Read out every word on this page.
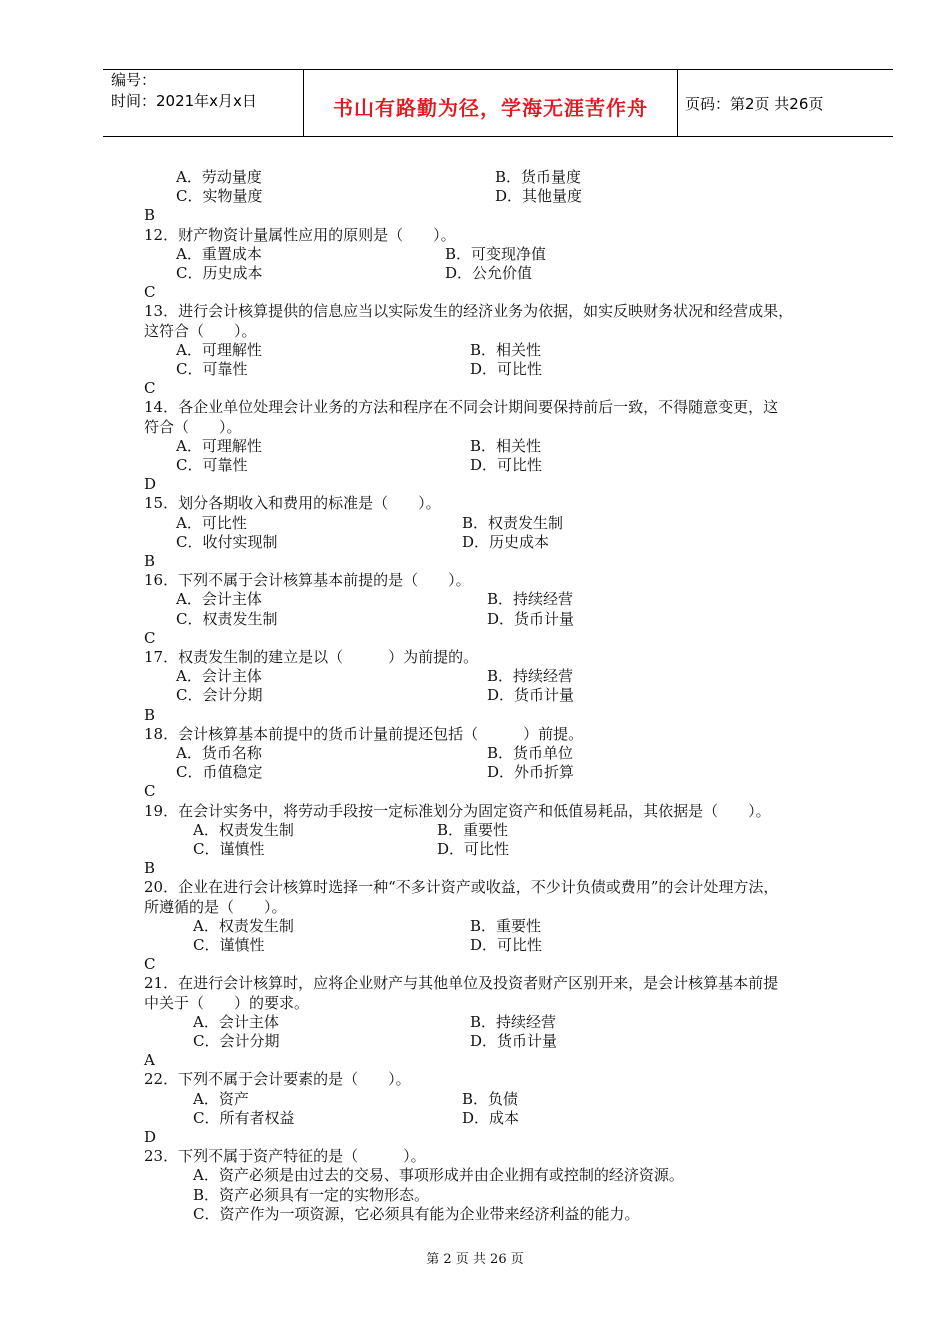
编号：
时间：2021年x月x日	书山有路勤为径，学海无涯苦作舟	页码：第2页 共26页
A．劳动量度	B．货币量度
C．实物量度	D．其他量度
B
12．财产物资计量属性应用的原则是（　　）。
A．重置成本	B．可变现净值
C．历史成本	D．公允价值
C
13．进行会计核算提供的信息应当以实际发生的经济业务为依据，如实反映财务状况和经营成果，
这符合（　　）。
A．可理解性	B．相关性
C．可靠性	D．可比性
C
14．各企业单位处理会计业务的方法和程序在不同会计期间要保持前后一致，不得随意变更，这
符合（　　）。
A．可理解性	B．相关性
C．可靠性	D．可比性
D
15．划分各期收入和费用的标准是（　　）。
A．可比性	B．权责发生制
C．收付实现制	D．历史成本
B
16．下列不属于会计核算基本前提的是（　　）。
A．会计主体	B．持续经营
C．权责发生制	D．货币计量
C
17．权责发生制的建立是以（　　　）为前提的。
A．会计主体	B．持续经营
C．会计分期	D．货币计量
B
18．会计核算基本前提中的货币计量前提还包括（　　　）前提。
A．货币名称	B．货币单位
C．币值稳定	D．外币折算
C
19．在会计实务中，将劳动手段按一定标准划分为固定资产和低值易耗品，其依据是（　　）。
A．权责发生制	B．重要性
C．谨慎性	D．可比性
B
20．企业在进行会计核算时选择一种“不多计资产或收益，不少计负债或费用”的会计处理方法，
所遵循的是（　　）。
A．权责发生制	B．重要性
C．谨慎性	D．可比性
C
21．在进行会计核算时，应将企业财产与其他单位及投资者财产区别开来，是会计核算基本前提
中关于（　　）的要求。
A．会计主体	B．持续经营
C．会计分期	D．货币计量
A
22．下列不属于会计要素的是（　　）。
A．资产	B．负债
C．所有者权益	D．成本
D
23．下列不属于资产特征的是（　　　）。
A．资产必须是由过去的交易、事项形成并由企业拥有或控制的经济资源。
B．资产必须具有一定的实物形态。
C．资产作为一项资源，它必须具有能为企业带来经济利益的能力。
第 2 页 共 26 页
